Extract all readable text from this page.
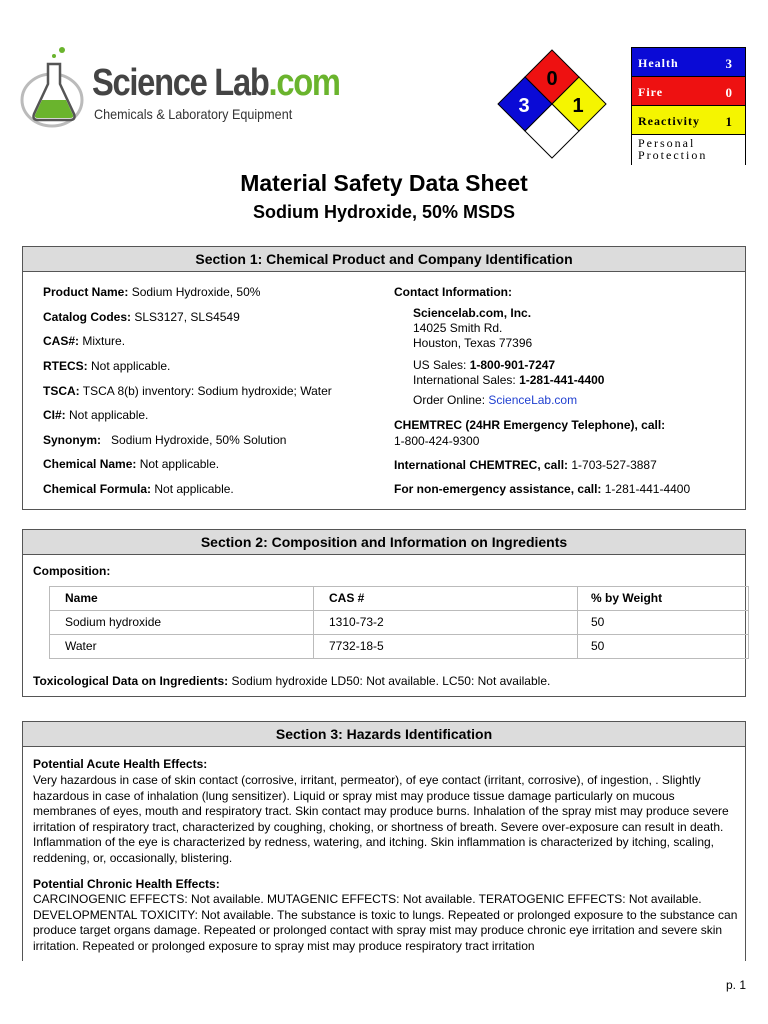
Science Lab.com
Chemicals & Laboratory Equipment
0
3 1
Health	3
Fire	0
Reactivity 1
Personal
Protection
Material Safety Data Sheet
Sodium Hydroxide, 50% MSDS
Section 1: Chemical Product and Company Identification
Product Name: Sodium Hydroxide, 50%
Catalog Codes: SLS3127, SLS4549
CAS#: Mixture.
RTECS: Not applicable.
TSCA: TSCA 8(b) inventory: Sodium hydroxide; Water
CI#: Not applicable.
Synonym:   Sodium Hydroxide, 50% Solution
Chemical Name: Not applicable.
Chemical Formula: Not applicable.
Contact Information:
Sciencelab.com, Inc.
14025 Smith Rd.
Houston, Texas 77396
US Sales: 1-800-901-7247
International Sales: 1-281-441-4400
Order Online: ScienceLab.com
CHEMTREC (24HR Emergency Telephone), call:
1-800-424-9300
International CHEMTREC, call: 1-703-527-3887
For non-emergency assistance, call: 1-281-441-4400
Section 2: Composition and Information on Ingredients
Composition:
Name	CAS #	% by Weight
Sodium hydroxide	1310-73-2	50
Water	7732-18-5	50
Toxicological Data on Ingredients: Sodium hydroxide LD50: Not available. LC50: Not available.
Section 3: Hazards Identification
Potential Acute Health Effects:
Very hazardous in case of skin contact (corrosive, irritant, permeator), of eye contact (irritant, corrosive), of ingestion, . Slightly hazardous in case of inhalation (lung sensitizer). Liquid or spray mist may produce tissue damage particularly on mucous membranes of eyes, mouth and respiratory tract. Skin contact may produce burns. Inhalation of the spray mist may produce severe irritation of respiratory tract, characterized by coughing, choking, or shortness of breath. Severe over-exposure can result in death. Inflammation of the eye is characterized by redness, watering, and itching. Skin inflammation is characterized by itching, scaling, reddening, or, occasionally, blistering.
Potential Chronic Health Effects:
CARCINOGENIC EFFECTS: Not available. MUTAGENIC EFFECTS: Not available. TERATOGENIC EFFECTS: Not available. DEVELOPMENTAL TOXICITY: Not available. The substance is toxic to lungs. Repeated or prolonged exposure to the substance can produce target organs damage. Repeated or prolonged contact with spray mist may produce chronic eye irritation and severe skin irritation. Repeated or prolonged exposure to spray mist may produce respiratory tract irritation
p. 1
